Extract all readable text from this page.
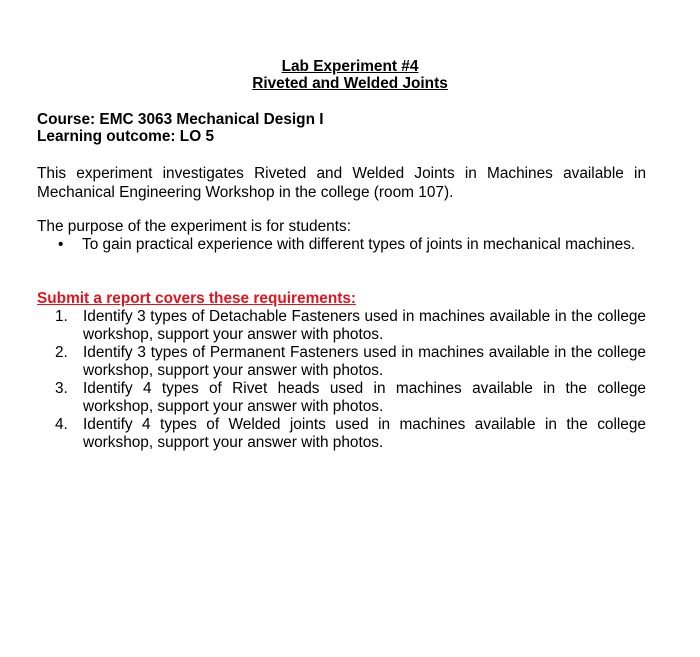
Lab Experiment #4
Riveted and Welded Joints
Course: EMC 3063 Mechanical Design I
Learning outcome: LO 5
This experiment investigates Riveted and Welded Joints in Machines available in Mechanical Engineering Workshop in the college (room 107).
The purpose of the experiment is for students:
• To gain practical experience with different types of joints in mechanical machines.
Submit a report covers these requirements:
1. Identify 3 types of Detachable Fasteners used in machines available in the college workshop, support your answer with photos.
2. Identify 3 types of Permanent Fasteners used in machines available in the college workshop, support your answer with photos.
3. Identify 4 types of Rivet heads used in machines available in the college workshop, support your answer with photos.
4. Identify 4 types of Welded joints used in machines available in the college workshop, support your answer with photos.
